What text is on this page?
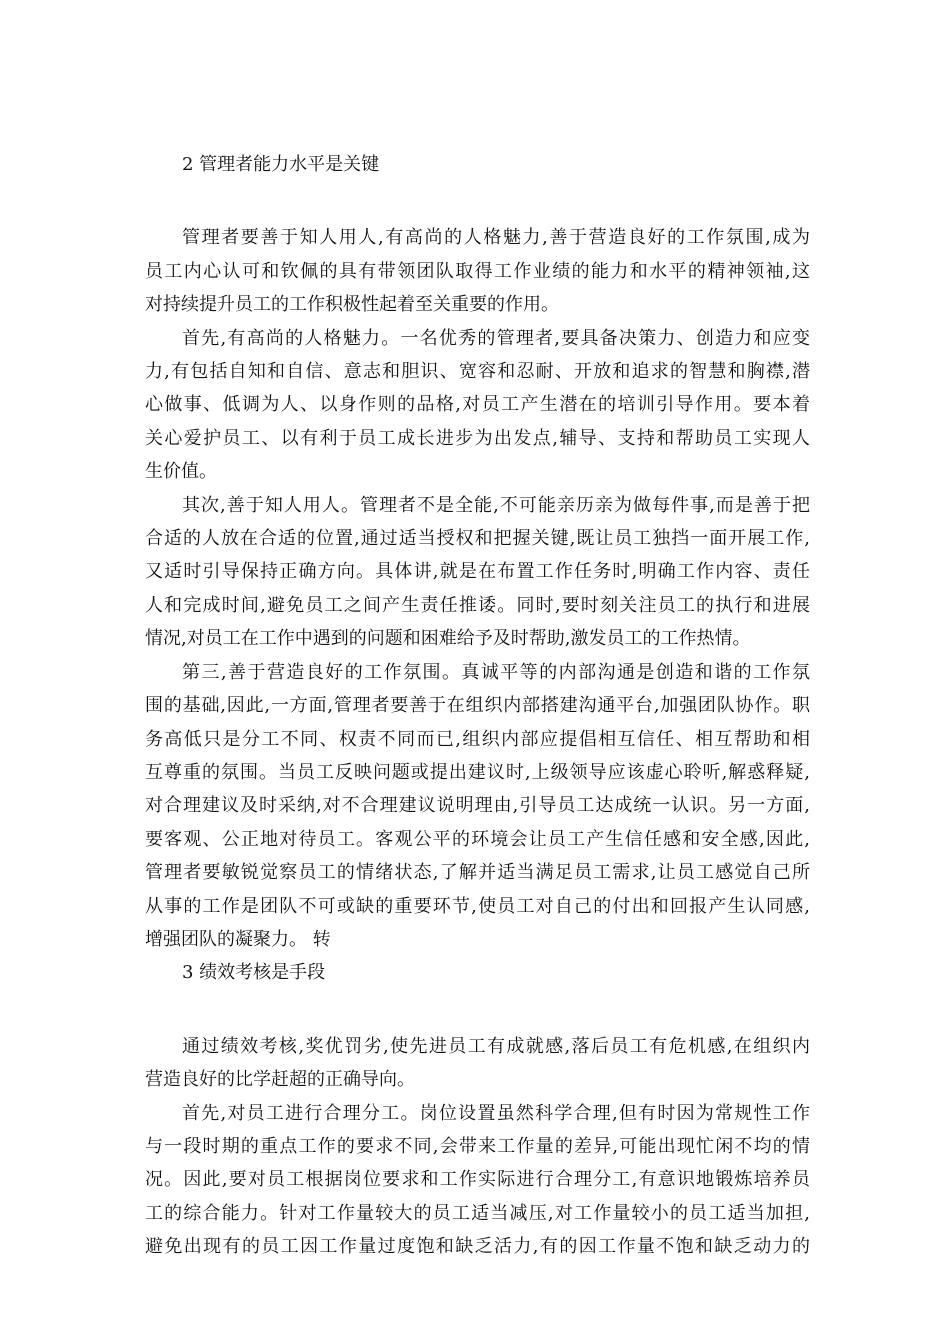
2 管理者能力水平是关键

管理者要善于知人用人,有高尚的人格魅力,善于营造良好的工作氛围,成为
员工内心认可和钦佩的具有带领团队取得工作业绩的能力和水平的精神领袖,这
对持续提升员工的工作积极性起着至关重要的作用。

首先,有高尚的人格魅力。一名优秀的管理者,要具备决策力、创造力和应变
力,有包括自知和自信、意志和胆识、宽容和忍耐、开放和追求的智慧和胸襟,潜
心做事、低调为人、以身作则的品格,对员工产生潜在的培训引导作用。要本着
关心爱护员工、以有利于员工成长进步为出发点,辅导、支持和帮助员工实现人
生价值。

其次,善于知人用人。管理者不是全能,不可能亲历亲为做每件事,而是善于把
合适的人放在合适的位置,通过适当授权和把握关键,既让员工独挡一面开展工作,
又适时引导保持正确方向。具体讲,就是在布置工作任务时,明确工作内容、责任
人和完成时间,避免员工之间产生责任推诿。同时,要时刻关注员工的执行和进展
情况,对员工在工作中遇到的问题和困难给予及时帮助,激发员工的工作热情。

第三,善于营造良好的工作氛围。真诚平等的内部沟通是创造和谐的工作氛
围的基础,因此,一方面,管理者要善于在组织内部搭建沟通平台,加强团队协作。职
务高低只是分工不同、权责不同而已,组织内部应提倡相互信任、相互帮助和相
互尊重的氛围。当员工反映问题或提出建议时,上级领导应该虚心聆听,解惑释疑,
对合理建议及时采纳,对不合理建议说明理由,引导员工达成统一认识。另一方面,
要客观、公正地对待员工。客观公平的环境会让员工产生信任感和安全感,因此,
管理者要敏锐觉察员工的情绪状态,了解并适当满足员工需求,让员工感觉自己所
从事的工作是团队不可或缺的重要环节,使员工对自己的付出和回报产生认同感,
增强团队的凝聚力。 转

3 绩效考核是手段

通过绩效考核,奖优罚劣,使先进员工有成就感,落后员工有危机感,在组织内
营造良好的比学赶超的正确导向。

首先,对员工进行合理分工。岗位设置虽然科学合理,但有时因为常规性工作
与一段时期的重点工作的要求不同,会带来工作量的差异,可能出现忙闲不均的情
况。因此,要对员工根据岗位要求和工作实际进行合理分工,有意识地锻炼培养员
工的综合能力。针对工作量较大的员工适当减压,对工作量较小的员工适当加担,
避免出现有的员工因工作量过度饱和缺乏活力,有的因工作量不饱和缺乏动力的
